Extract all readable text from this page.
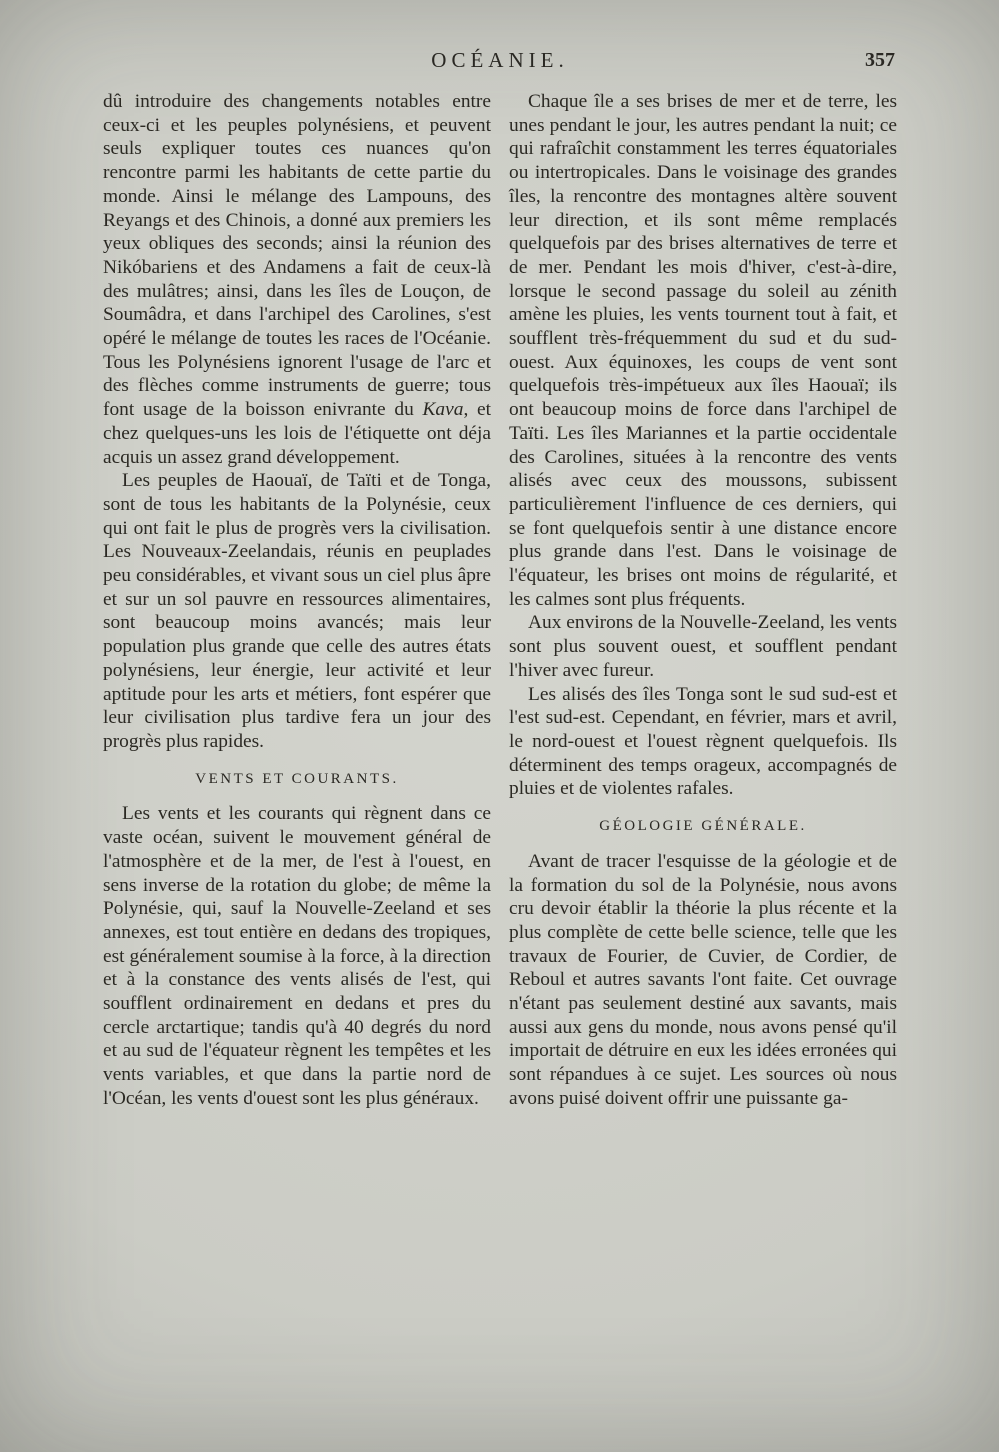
OCÉANIE.	357

dû introduire des changements notables entre ceux-ci et les peuples polynésiens, et peuvent seuls expliquer toutes ces nuances qu'on rencontre parmi les habitants de cette partie du monde. Ainsi le mélange des Lampouns, des Reyangs et des Chinois, a donné aux premiers les yeux obliques des seconds; ainsi la réunion des Nikóbariens et des Andamens a fait de ceux-là des mulâtres; ainsi, dans les îles de Louçon, de Soumâdra, et dans l'archipel des Carolines, s'est opéré le mélange de toutes les races de l'Océanie. Tous les Polynésiens ignorent l'usage de l'arc et des flèches comme instruments de guerre; tous font usage de la boisson enivrante du Kava, et chez quelques-uns les lois de l'étiquette ont déja acquis un assez grand développement.

Les peuples de Haouaï, de Taïti et de Tonga, sont de tous les habitants de la Polynésie, ceux qui ont fait le plus de progrès vers la civilisation. Les Nouveaux-Zeelandais, réunis en peuplades peu considérables, et vivant sous un ciel plus âpre et sur un sol pauvre en ressources alimentaires, sont beaucoup moins avancés; mais leur population plus grande que celle des autres états polynésiens, leur énergie, leur activité et leur aptitude pour les arts et métiers, font espérer que leur civilisation plus tardive fera un jour des progrès plus rapides.

VENTS ET COURANTS.

Les vents et les courants qui règnent dans ce vaste océan, suivent le mouvement général de l'atmosphère et de la mer, de l'est à l'ouest, en sens inverse de la rotation du globe; de même la Polynésie, qui, sauf la Nouvelle-Zeeland et ses annexes, est tout entière en dedans des tropiques, est généralement soumise à la force, à la direction et à la constance des vents alisés de l'est, qui soufflent ordinairement en dedans et pres du cercle arctartique; tandis qu'à 40 degrés du nord et au sud de l'équateur règnent les tempêtes et les vents variables, et que dans la partie nord de l'Océan, les vents d'ouest sont les plus généraux.

Chaque île a ses brises de mer et de terre, les unes pendant le jour, les autres pendant la nuit; ce qui rafraîchit constamment les terres équatoriales ou intertropicales. Dans le voisinage des grandes îles, la rencontre des montagnes altère souvent leur direction, et ils sont même remplacés quelquefois par des brises alternatives de terre et de mer. Pendant les mois d'hiver, c'est-à-dire, lorsque le second passage du soleil au zénith amène les pluies, les vents tournent tout à fait, et soufflent très-fréquemment du sud et du sud-ouest. Aux équinoxes, les coups de vent sont quelquefois très-impétueux aux îles Haouaï; ils ont beaucoup moins de force dans l'archipel de Taïti. Les îles Mariannes et la partie occidentale des Carolines, situées à la rencontre des vents alisés avec ceux des moussons, subissent particulièrement l'influence de ces derniers, qui se font quelquefois sentir à une distance encore plus grande dans l'est. Dans le voisinage de l'équateur, les brises ont moins de régularité, et les calmes sont plus fréquents.

Aux environs de la Nouvelle-Zeeland, les vents sont plus souvent ouest, et soufflent pendant l'hiver avec fureur.

Les alisés des îles Tonga sont le sud sud-est et l'est sud-est. Cependant, en février, mars et avril, le nord-ouest et l'ouest règnent quelquefois. Ils déterminent des temps orageux, accompagnés de pluies et de violentes rafales.

GÉOLOGIE GÉNÉRALE.

Avant de tracer l'esquisse de la géologie et de la formation du sol de la Polynésie, nous avons cru devoir établir la théorie la plus récente et la plus complète de cette belle science, telle que les travaux de Fourier, de Cuvier, de Cordier, de Reboul et autres savants l'ont faite. Cet ouvrage n'étant pas seulement destiné aux savants, mais aussi aux gens du monde, nous avons pensé qu'il importait de détruire en eux les idées erronées qui sont répandues à ce sujet. Les sources où nous avons puisé doivent offrir une puissante ga-
